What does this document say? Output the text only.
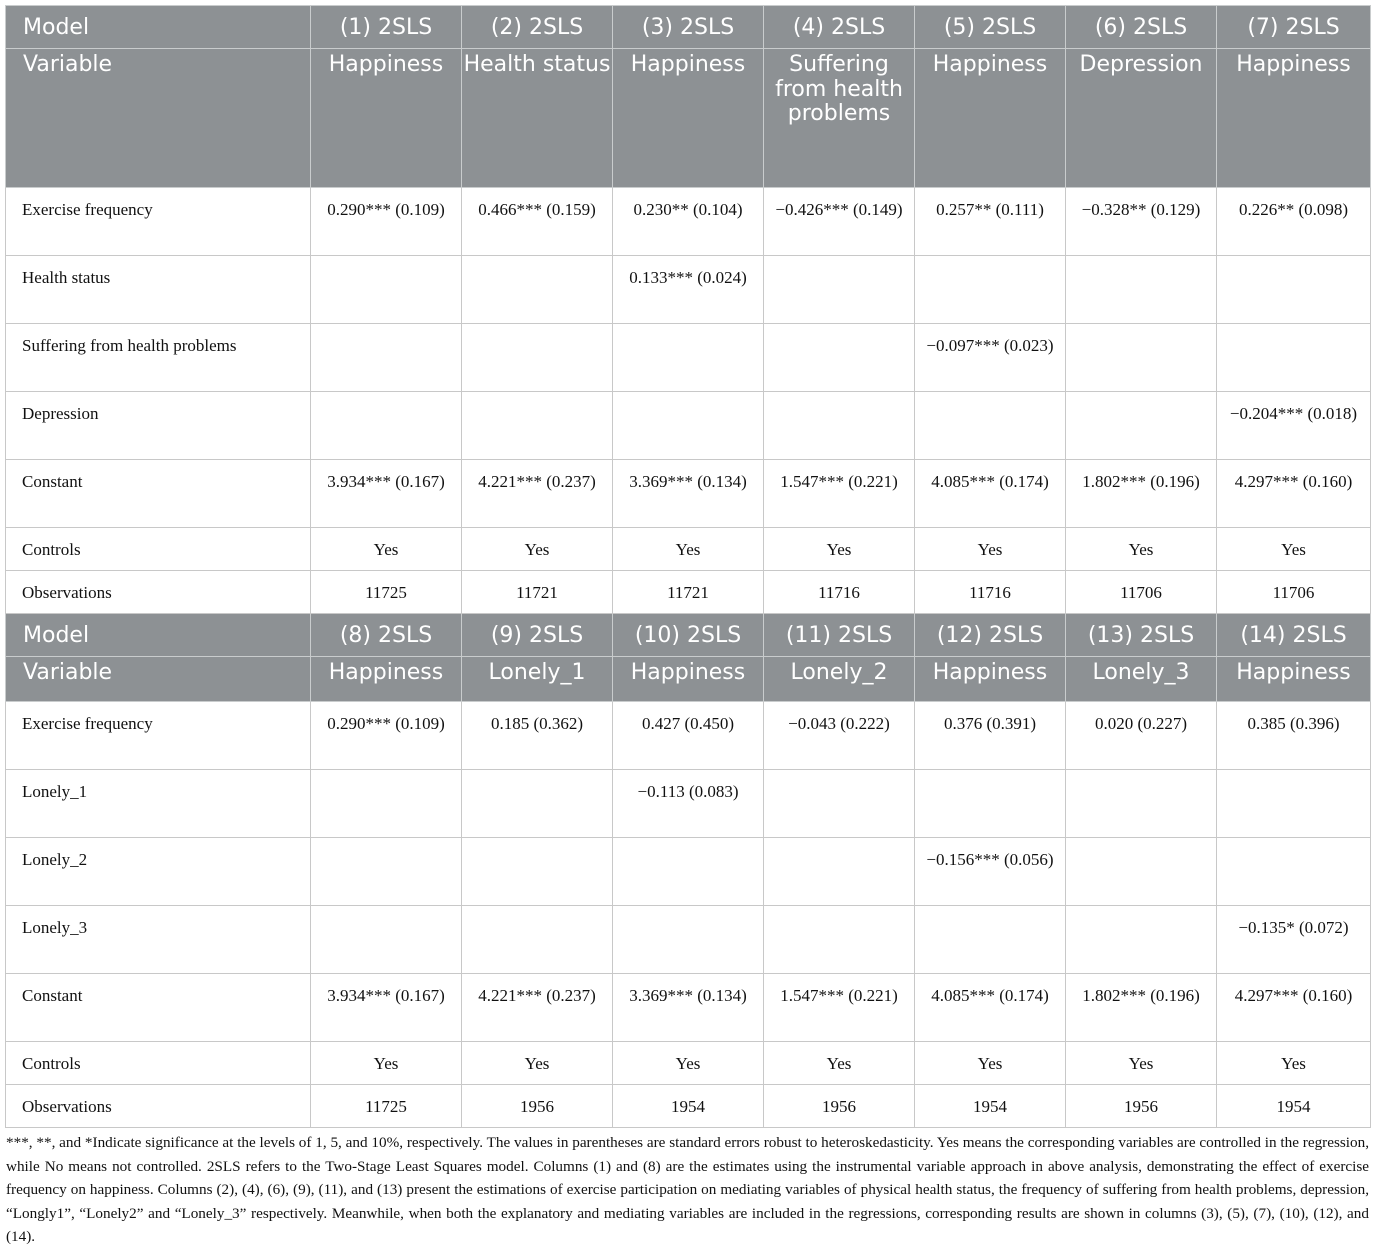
Model	(1) 2SLS	(2) 2SLS	(3) 2SLS	(4) 2SLS	(5) 2SLS	(6) 2SLS	(7) 2SLS
Variable	Happiness	Health status	Happiness	Suffering from health problems	Happiness	Depression	Happiness
Exercise frequency	0.290*** (0.109)	0.466*** (0.159)	0.230** (0.104)	−0.426*** (0.149)	0.257** (0.111)	−0.328** (0.129)	0.226** (0.098)
Health status			0.133*** (0.024)				
Suffering from health problems					−0.097*** (0.023)		
Depression							−0.204*** (0.018)
Constant	3.934*** (0.167)	4.221*** (0.237)	3.369*** (0.134)	1.547*** (0.221)	4.085*** (0.174)	1.802*** (0.196)	4.297*** (0.160)
Controls	Yes	Yes	Yes	Yes	Yes	Yes	Yes
Observations	11725	11721	11721	11716	11716	11706	11706
Model	(8) 2SLS	(9) 2SLS	(10) 2SLS	(11) 2SLS	(12) 2SLS	(13) 2SLS	(14) 2SLS
Variable	Happiness	Lonely_1	Happiness	Lonely_2	Happiness	Lonely_3	Happiness
Exercise frequency	0.290*** (0.109)	0.185 (0.362)	0.427 (0.450)	−0.043 (0.222)	0.376 (0.391)	0.020 (0.227)	0.385 (0.396)
Lonely_1			−0.113 (0.083)				
Lonely_2					−0.156*** (0.056)		
Lonely_3							−0.135* (0.072)
Constant	3.934*** (0.167)	4.221*** (0.237)	3.369*** (0.134)	1.547*** (0.221)	4.085*** (0.174)	1.802*** (0.196)	4.297*** (0.160)
Controls	Yes	Yes	Yes	Yes	Yes	Yes	Yes
Observations	11725	1956	1954	1956	1954	1956	1954

***, **, and *Indicate significance at the levels of 1, 5, and 10%, respectively. The values in parentheses are standard errors robust to heteroskedasticity. Yes means the corresponding variables are controlled in the regression, while No means not controlled. 2SLS refers to the Two-Stage Least Squares model. Columns (1) and (8) are the estimates using the instrumental variable approach in above analysis, demonstrating the effect of exercise frequency on happiness. Columns (2), (4), (6), (9), (11), and (13) present the estimations of exercise participation on mediating variables of physical health status, the frequency of suffering from health problems, depression, “Longly1”, “Lonely2” and “Lonely_3” respectively. Meanwhile, when both the explanatory and mediating variables are included in the regressions, corresponding results are shown in columns (3), (5), (7), (10), (12), and (14).
